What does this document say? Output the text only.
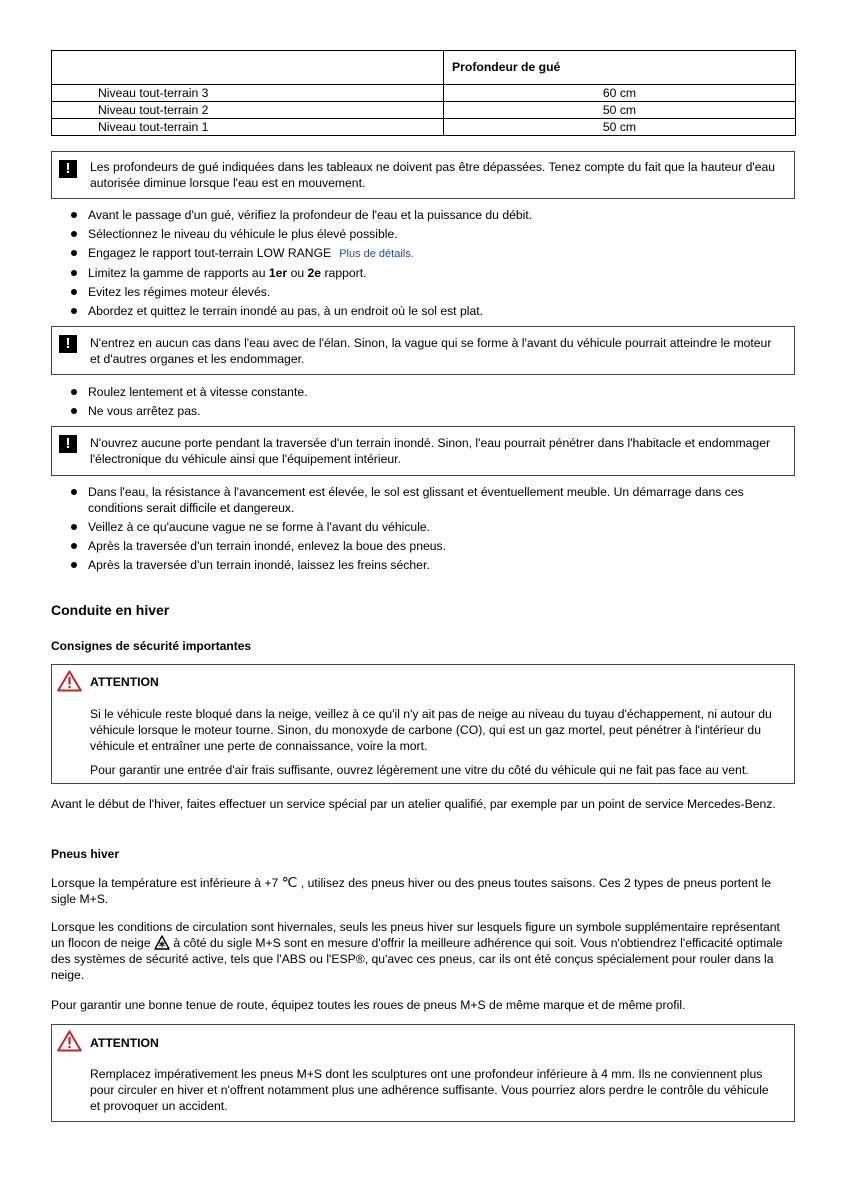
	Profondeur de gué
Niveau tout-terrain 3	60 cm
Niveau tout-terrain 2	50 cm
Niveau tout-terrain 1	50 cm
!	Les profondeurs de gué indiquées dans les tableaux ne doivent pas être dépassées. Tenez compte du fait que la hauteur d'eau autorisée diminue lorsque l'eau est en mouvement.
Avant le passage d'un gué, vérifiez la profondeur de l'eau et la puissance du débit.
Sélectionnez le niveau du véhicule le plus élevé possible.
Engagez le rapport tout-terrain LOW RANGE Plus de détails.
Limitez la gamme de rapports au 1er ou 2e rapport.
Evitez les régimes moteur élevés.
Abordez et quittez le terrain inondé au pas, à un endroit où le sol est plat.
!	N'entrez en aucun cas dans l'eau avec de l'élan. Sinon, la vague qui se forme à l'avant du véhicule pourrait atteindre le moteur et d'autres organes et les endommager.
Roulez lentement et à vitesse constante.
Ne vous arrêtez pas.
!	N'ouvrez aucune porte pendant la traversée d'un terrain inondé. Sinon, l'eau pourrait pénétrer dans l'habitacle et endommager l'électronique du véhicule ainsi que l'équipement intérieur.
Dans l'eau, la résistance à l'avancement est élevée, le sol est glissant et éventuellement meuble. Un démarrage dans ces conditions serait difficile et dangereux.
Veillez à ce qu'aucune vague ne se forme à l'avant du véhicule.
Après la traversée d'un terrain inondé, enlevez la boue des pneus.
Après la traversée d'un terrain inondé, laissez les freins sécher.
Conduite en hiver
Consignes de sécurité importantes
ATTENTION

Si le véhicule reste bloqué dans la neige, veillez à ce qu'il n'y ait pas de neige au niveau du tuyau d'échappement, ni autour du véhicule lorsque le moteur tourne. Sinon, du monoxyde de carbone (CO), qui est un gaz mortel, peut pénétrer à l'intérieur du véhicule et entraîner une perte de connaissance, voire la mort.

Pour garantir une entrée d'air frais suffisante, ouvrez légèrement une vitre du côté du véhicule qui ne fait pas face au vent.

Avant le début de l'hiver, faites effectuer un service spécial par un atelier qualifié, par exemple par un point de service Mercedes-Benz.
Pneus hiver
Lorsque la température est inférieure à +7 ℃ , utilisez des pneus hiver ou des pneus toutes saisons. Ces 2 types de pneus portent le sigle M+S.
Lorsque les conditions de circulation sont hivernales, seuls les pneus hiver sur lesquels figure un symbole supplémentaire représentant un flocon de neige  à côté du sigle M+S sont en mesure d'offrir la meilleure adhérence qui soit. Vous n'obtiendrez l'efficacité optimale des systèmes de sécurité active, tels que l'ABS ou l'ESP®, qu'avec ces pneus, car ils ont été conçus spécialement pour rouler dans la neige.
Pour garantir une bonne tenue de route, équipez toutes les roues de pneus M+S de même marque et de même profil.
ATTENTION
Remplacez impérativement les pneus M+S dont les sculptures ont une profondeur inférieure à 4 mm. Ils ne conviennent plus pour circuler en hiver et n'offrent notamment plus une adhérence suffisante. Vous pourriez alors perdre le contrôle du véhicule et provoquer un accident.
